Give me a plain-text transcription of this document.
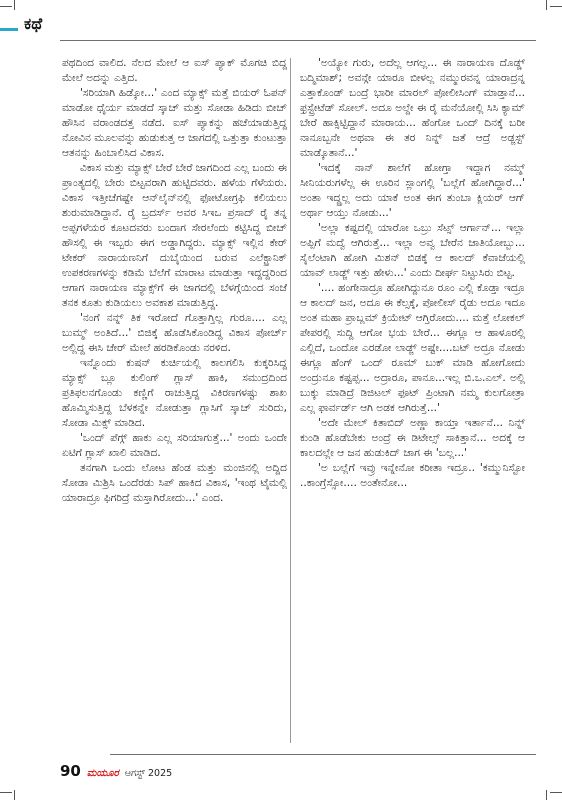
ಕಥೆ

ಪಥದಿಂದ ವಾಲಿದ. ನೆಲದ ಮೇಲೆ ಆ ಐಸ್ ಪ್ಯಾಕ್ ಮೊಗಚಿ ಬಿದ್ದ ಮೇಲೆ ಅದನ್ನು ಎತ್ತಿದ.

'ಸರಿಯಾಗಿ ಹಿಡ್ಕೋ...' ಎಂದ ಮ್ಯಾಕ್ಸ್ ಮತ್ತೆ ಬಿಯರ್ ಓಪನ್ ಮಾಡೋ ಧೈರ್ಯ ಮಾಡದೆ ಸ್ಕಾಚ್ ಮತ್ತು ಸೋಡಾ ಹಿಡಿದು ಬೀಚ್ ಹೌಸಿನ ವರಾಂಡದತ್ತ ನಡೆದ. ಐಸ್ ಪ್ಯಾಕನ್ನು ಹಚೆಯಾಡುತ್ತಿದ್ದ ನೋವಿನ ಮೂಲವನ್ನು ಹುಡುಕುತ್ತ ಆ ಜಾಗದಲ್ಲಿ ಒತ್ತುತ್ತಾ ಕುಂಟುತ್ತಾ ಆತನನ್ನು ಹಿಂಬಾಲಿಸಿದ ವಿಕಾಸ.

ವಿಕಾಸ ಮತ್ತು ಮ್ಯಾಕ್ಸ್ ಬೇರೆ ಬೇರೆ ಜಾಗದಿಂದ ಎಲ್ಲ ಬಂದು ಈ ಪ್ರಾಂತ್ಯದಲ್ಲಿ ಬೇರು ಬಿಟ್ಟವರಾಗಿ ಹುಟ್ಟಿದವರು. ಹಳೆಯ ಗೆಳೆಯರು. ವಿಕಾಸ ಇತ್ತೀಚೆಗಷ್ಟೇ ಆನ್‌ಲೈನ್‌ನಲ್ಲಿ ಫೋಟೋಗ್ರಫಿ ಕಲಿಯಲು ಶುರುಮಾಡಿದ್ದಾನೆ. ರೈ ಬ್ರದರ್ಸ್ ಅವರ ಸಿಇಒ ಪ್ರಸಾದ್ ರೈ ತನ್ನ ಅಪ್ಪಗಳೆಯರ ಕೂಟದವರು ಬಂದಾಗ ಸೇರಲೆಂದು ಕಟ್ಟಿಸಿದ್ದ ಬೀಚ್ ಹೌಸಲ್ಲಿ ಈ ಇಬ್ಬರು ಈಗ ಅಡ್ಡಾಗಿದ್ದರು. ಮ್ಯಾಕ್ಸ್ ಇಲ್ಲಿನ ಕೇರ್ ಟೇಕರ್ ನಾರಾಯಣನಿಗೆ ದುಬೈಯಿಂದ ಬರುವ ಎಲೆಕ್ಟ್ರಾನಿಕ್ ಉಪಕರಣಗಳನ್ನು ಕಡಿಮೆ ಬೆಲೆಗೆ ಮಾರಾಟ ಮಾಡುತ್ತಾ ಇದ್ದದ್ದರಿಂದ ಆಗಾಗ ನಾರಾಯಣ ಮ್ಯಾಕ್ಸ್‌ಗೆ ಈ ಜಾಗದಲ್ಲಿ ಬೆಳಗ್ಗೆಯಿಂದ ಸಂಜೆ ತನಕ ಕೂತು ಕುಡಿಯಲು ಅವಕಾಶ ಮಾಡುತ್ತಿದ್ದ.

'ನಂಗೆ ನನ್ನ್ ತಿಕ ಇರೋದೆ ಗೊತ್ತಾಗ್ತಿಲ್ಲ ಗುರೂ.... ಎಲ್ಲ ಬುಮ್ಮ್ ಅಂತಿದೆ...' ಬಿಜಿಕ್ಕೆ ಹೊಡೆಸಿಕೊಂಡಿದ್ದ ವಿಕಾಸ ಪೋರ್ಚ್ ಅಲ್ಲಿದ್ದ ಈಸಿ ಚೇರ್ ಮೇಲೆ ಹರಡಿಕೊಂಡು ನರಳಿದ.

ಇನ್ನೊಂದು ಕುಷನ್ ಕುರ್ಚಿಯಲ್ಲಿ ಕಾಲಗಲಿಸಿ ಕುಕ್ಕರಿಸಿದ್ದ ಮ್ಯಾಕ್ಸ್ ಬ್ಲೂ ಕುಲಿಂಗ್ ಗ್ಲಾಸ್ ಹಾಕಿ, ಸಮುದ್ರದಿಂದ ಪ್ರತಿಫಲನಗೊಂಡು ಕಣ್ಣಿಗೆ ರಾಚುತ್ತಿದ್ದ ವಿಕಿರಣಗಳಷ್ಟು ಶಾಖ ಹೊಮ್ಮಿಸುತ್ತಿದ್ದ ಬೆಳಕನ್ನೇ ನೋಡುತ್ತಾ ಗ್ಲಾಸಿಗೆ ಸ್ಕಾಚ್ ಸುರಿದು, ಸೋಡಾ ಮಿಕ್ಸ್ ಮಾಡಿದ.

'ಒಂದ್ ಪೆಗ್ಗ್ ಹಾಕು ಎಲ್ಲ ಸರಿಯಾಗುತ್ತೆ...' ಅಂದು ಒಂದೇ ಏಟಿಗೆ ಗ್ಲಾಸ್ ಖಾಲಿ ಮಾಡಿದ.

ತನಗಾಗಿ ಒಂದು ಲೋಟ ಹೆಂಡ ಮತ್ತು ಮಂಜಿನಲ್ಲಿ ಅದ್ದಿದ ಸೋಡಾ ಮಿಶ್ರಿಸಿ ಒಂದೆರಡು ಸಿಪ್ ಹಾಕಿದ ವಿಕಾಸ, 'ಇಂಥ ಟೈಮಲ್ಲಿ ಯಾರಾದ್ರೂ ಫಿಗರಿದ್ರೆ ಮಸ್ತಾಗಿರೋದು...' ಎಂದ.

'ಅಯ್ಯೋ ಗುರು, ಅದೆಲ್ಲ ಆಗಲ್ಲ... ಈ ನಾರಾಯಣ ದೊಡ್ಡ್ ಬದ್ಮಿಮಾಶ್; ಅವನ್ಗೇ ಯಾರೂ ಬೀಳಲ್ಲ ನಮ್ಮುರವನ್ನ ಯಾರಾದ್ರನ್ನ ಎತ್ತಾಕೊಂಡ್ ಬಂದ್ರೆ ಭಾರೀ ಮಾರಲ್ ಪೋಲೀಸಿಂಗ್ ಮಾಡ್ತಾನೆ... ಫ್ರಸ್ಟ್ರೇಟೆಡ್ ಸೋಲ್. ಅದೂ ಅಲ್ದೇ ಈ ರೈ ಮನೆಯೋಲ್ಲಿ ಸಿಸಿ ಕ್ಯಾಮ್ ಬೇರೆ ಹಾಕ್ಸಿಟ್ಟಿದ್ದಾನೆ ಮಾರಾಯ... ಹೆಂಗೋ ಒಂದ್ ದಿನಕ್ಕೆ ಬರೀ ನಾನೂಬ್ಬನೇ ಅಥವಾ ಈ ತರ ನಿನ್ನ್ ಜತೆ ಆದ್ರೆ ಅಡ್ಜಸ್ಟ್ ಮಾಡ್ಕೊತಾನೆ...'

'ಇದಕ್ಕೆ ನಾನ್ ಶಾಲೆಗೆ ಹೋಗ್ತಾ ಇದ್ದಾಗ ನಮ್ಮ್ ಸೀನಿಯರುಗಳೆಲ್ಲ ಈ ಊರಿನ ಸ್ಲಾಂಗಲ್ಲಿ 'ಬಲ್ಲೆಗೆ ಹೋಗಿದ್ದಾರೆ...' ಅಂತಾ ಇದ್ದ್ರಲ್ಲ ಅದು ಯಾಕೆ ಅಂತ ಈಗ ತುಂಬಾ ಕ್ಲಿಯರ್ ಆಗ್ ಅರ್ಥಾ ಆಯ್ತು ನೋಡು...'

'ಅಲ್ಲಾ ಕಷ್ಟದಲ್ಲಿ ಯಾರೋ ಒಬ್ರು ಸೆಟ್ಸ್ ಆರ್ಗಾನ್... ಇಲ್ಲಾ ಅಪ್ಪಿಗೆ ಮದ್ವೆ ಆಗಿರುತ್ತೆ... ಇಲ್ಲಾ ಅವ್ವ ಬೇರೆನ ಜಾತಿಯೋಬ್ಬು... ಸೈಲೆಂಟಾಗಿ ಹೋಗಿ ಮಿಶನ್ ಬಿಡಕ್ಕೆ ಆ ಕಾಲದ್ ಕೆವಾಜೆಯಲ್ಲಿ ಯಾವ್ ಲಾಡ್ಜ್ ಇತ್ತು ಹೇಳು...' ಎಂದು ದೀರ್ಘ ನಿಟ್ಟುಸಿರು ಬಿಟ್ಟ.

'.... ಹಂಗೇನಾದ್ರೂ ಹೋಗಿದ್ದುನೂ ರೂಂ ಎಲ್ಲಿ ಕೊಡ್ತಾ ಇದ್ರೂ ಆ ಕಾಲದ್ ಜನ, ಅದೂ ಈ ಕೆಲ್ಸಕ್ಕೆ, ಪೋಲೀಸ್ ರೈಡು ಅದೂ ಇದೂ ಅಂತ ಮಹಾ ಪ್ರಾಬ್ಲಮ್ ಕ್ರಿಯೇಟ್ ಆಗ್ತಿರೋದು.... ಮತ್ತೆ ಲೋಕಲ್ ಪೇಪರಲ್ಲಿ ಸುದ್ದಿ ಆಗೋ ಭಯ ಬೇರೆ... ಈಗ್ಲೂ ಆ ಹಾಳೂರಲ್ಲಿ ಎಲ್ಲಿದೆ, ಒಂದೋ ಎರಡೋ ಲಾಡ್ಜ್ ಅಷ್ಟೇ....ಬಟ್ ಅದ್ರೂ ನೋಡು ಈಗ್ಲೂ ಹೆಂಗ್ ಒಂದ್ ರೂಮ್ ಬುಕ್ ಮಾಡಿ ಹೋಗೋದು ಅಂದ್ರುನೂ ಕಷ್ಟಪ್ಪ... ಅದ್ರಾರೂ, ಪಾನೂ...ಇಲ್ಲ ಬಿ.ಒ.ಎಲ್. ಅಲ್ಲಿ ಬುಕ್ಕು ಮಾಡಿದ್ರೆ ಡಿಜಿಟಲ್ ಫೂಟ್ ಪ್ರಿಂಟಾಗಿ ನಮ್ಮ ಕುಲಗೋತ್ರಾ ಎಲ್ಲ ಫಾರ್ವರ್ಡ್ ಆಗಿ ಅಡಕ ಆಗಿರುತ್ತೆ...'

'ಅದೇ ಮೇಲ್ ಕಿತಾಬಿದ್ ಅಣ್ಣಾ ಕಾಯ್ತಾ ಇರ್ತಾನೆ... ನಿನ್ನ್ ಕುಂಡಿ ಹೊಡೆಬೇಕು ಅಂದ್ರೆ ಈ ಡಿಟೇಲ್ಸ್ ಸಾಕಿತ್ತಾನೆ... ಅದಕ್ಕೆ ಆ ಕಾಲದಲ್ಲೇ ಆ ಜನ ಹುಡುಕಿದ್ ಜಾಗ ಈ 'ಬಲ್ಲ...'

'ಅ ಬಲ್ಲೆಗೆ ಇವ್ರು ಇನ್ನೇನೋ ಕರೀತಾ ಇದ್ರೂ.. 'ಕಮ್ಮುನಿಸ್ಟೋ ..ಕಾಂಗ್ರೆಸ್ಸೋ.... ಅಂತೇನೋ...

90 ಮಯೂರ ಆಗಸ್ಟ್ 2025
